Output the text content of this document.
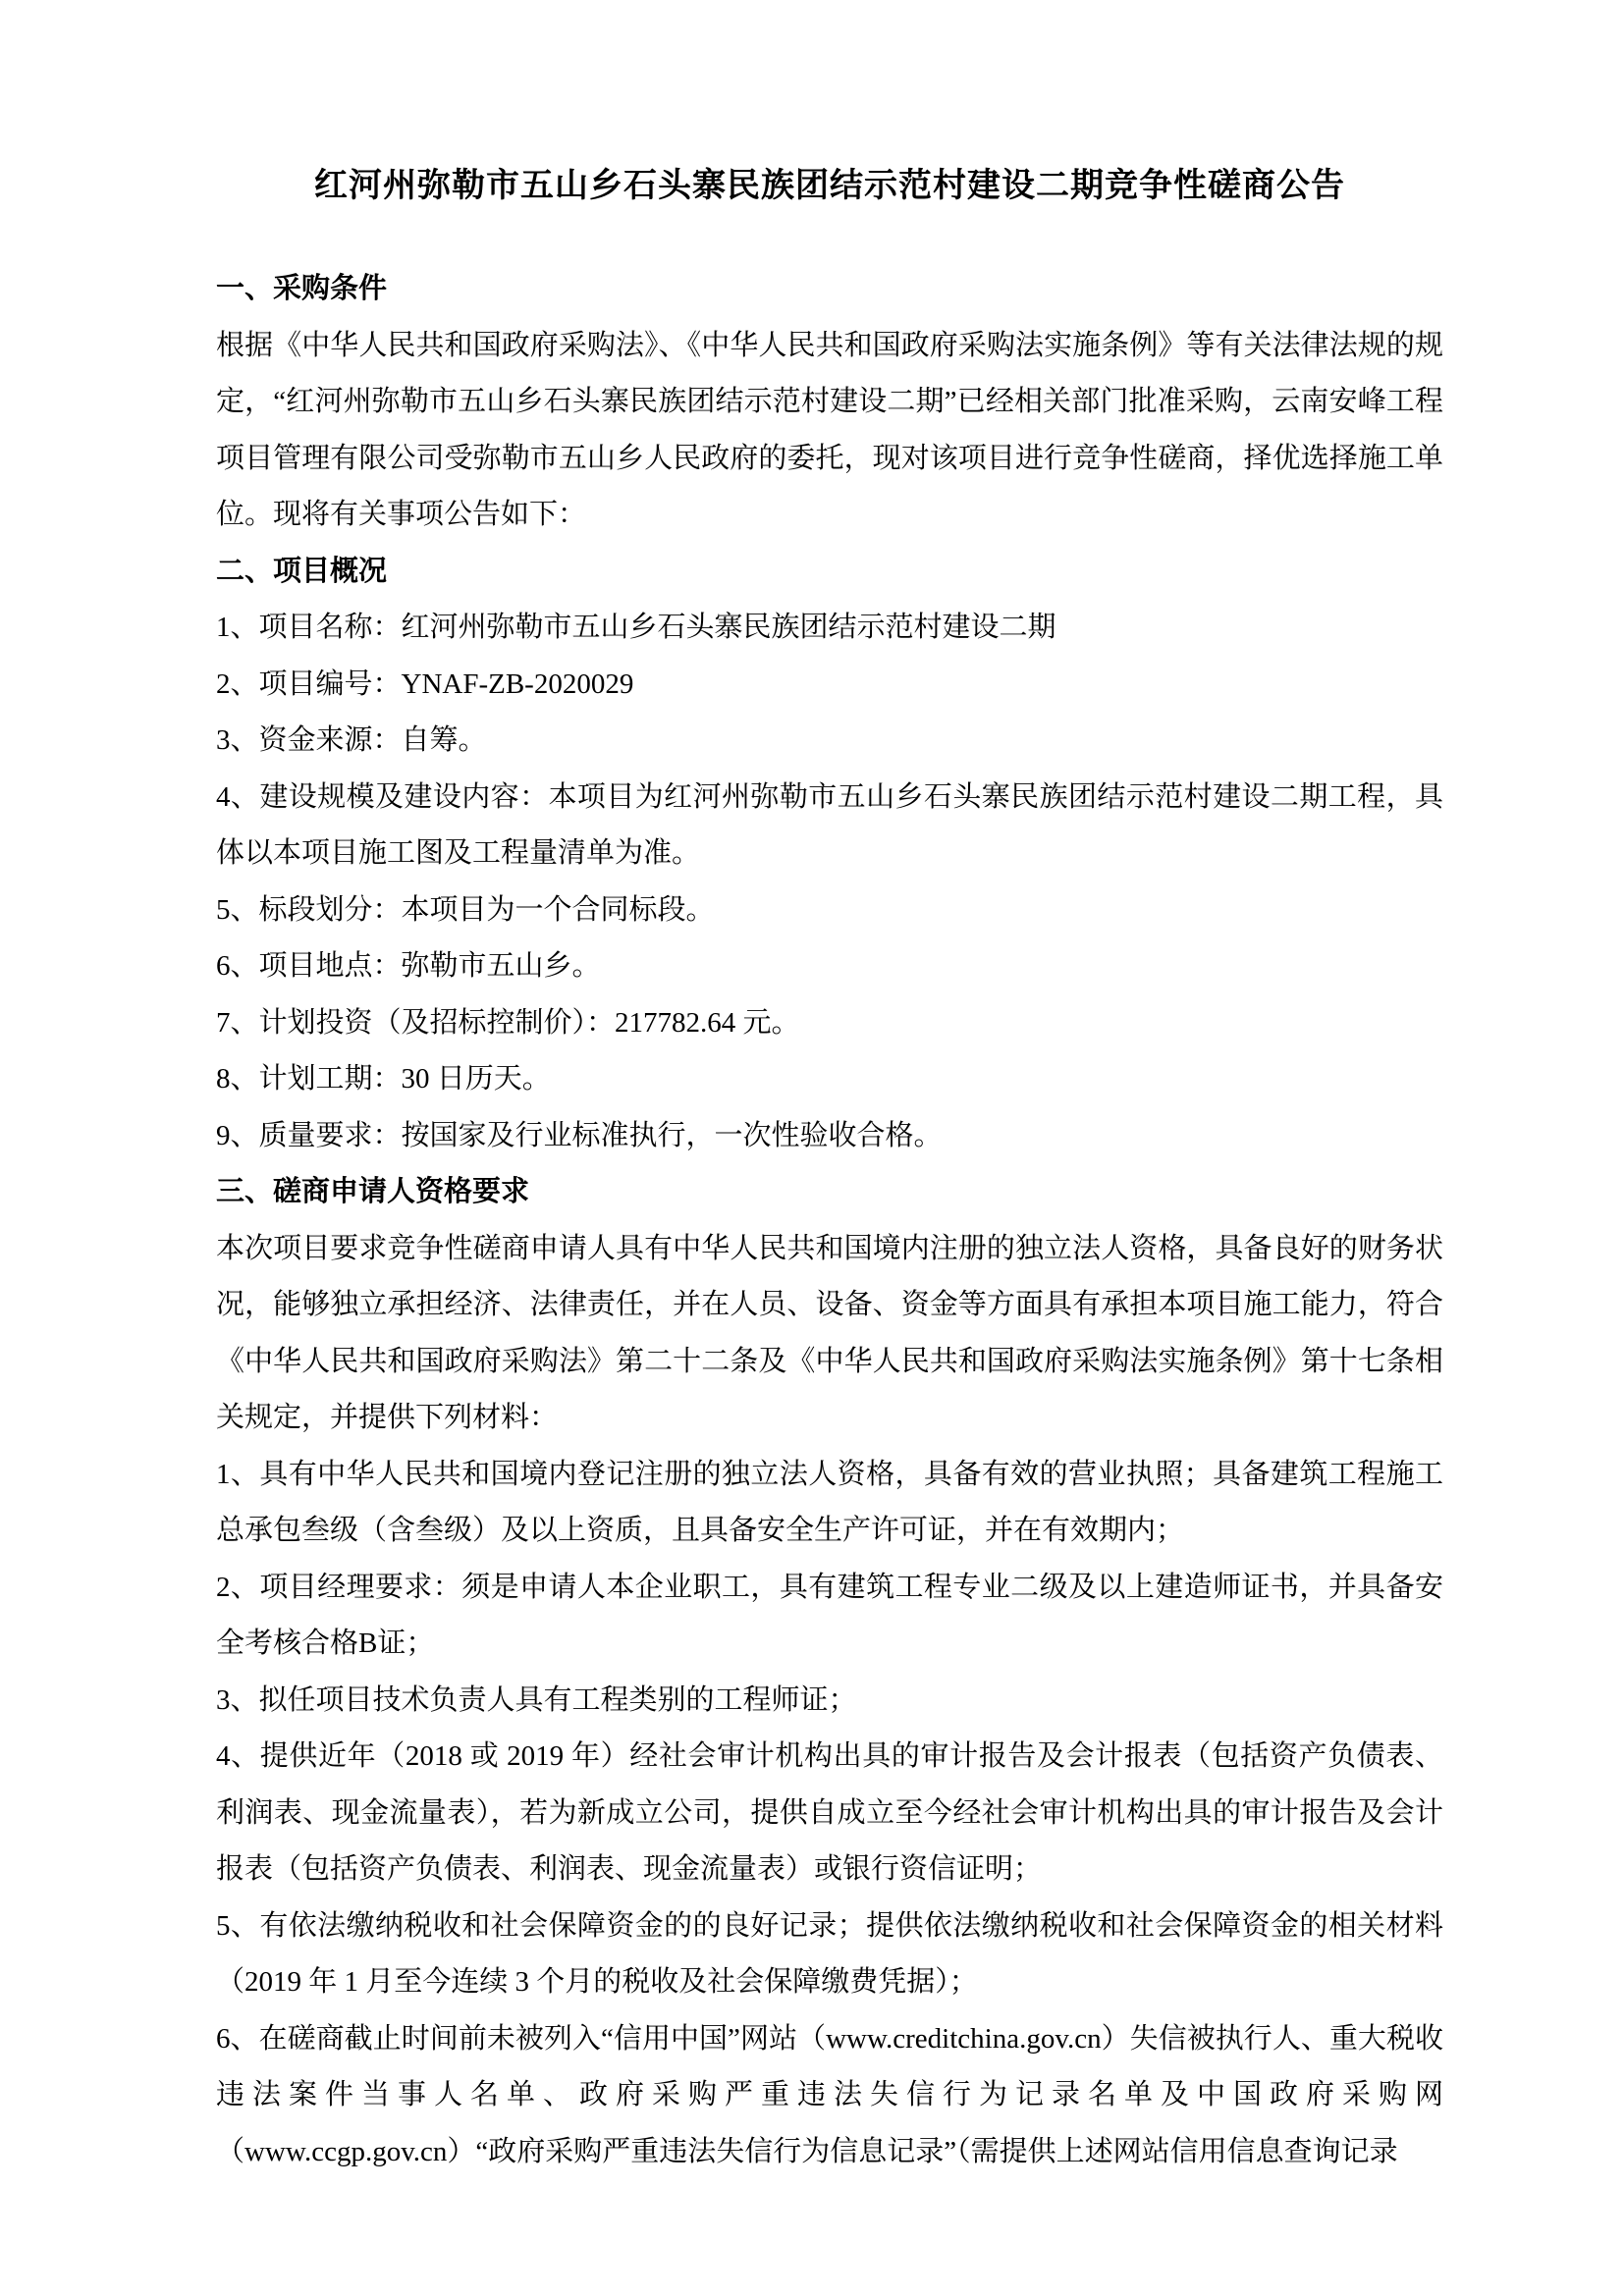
红河州弥勒市五山乡石头寨民族团结示范村建设二期竞争性磋商公告
一、采购条件
根据《中华人民共和国政府采购法》、《中华人民共和国政府采购法实施条例》等有关法律法规的规定，“红河州弥勒市五山乡石头寨民族团结示范村建设二期”已经相关部门批准采购，云南安峰工程项目管理有限公司受弥勒市五山乡人民政府的委托，现对该项目进行竞争性磋商，择优选择施工单位。现将有关事项公告如下：
二、项目概况
1、项目名称：红河州弥勒市五山乡石头寨民族团结示范村建设二期
2、项目编号：YNAF-ZB-2020029
3、资金来源：自筹。
4、建设规模及建设内容：本项目为红河州弥勒市五山乡石头寨民族团结示范村建设二期工程，具体以本项目施工图及工程量清单为准。
5、标段划分：本项目为一个合同标段。
6、项目地点：弥勒市五山乡。
7、计划投资（及招标控制价）：217782.64 元。
8、计划工期：30 日历天。
9、质量要求：按国家及行业标准执行，一次性验收合格。
三、磋商申请人资格要求
本次项目要求竞争性磋商申请人具有中华人民共和国境内注册的独立法人资格，具备良好的财务状况，能够独立承担经济、法律责任，并在人员、设备、资金等方面具有承担本项目施工能力，符合《中华人民共和国政府采购法》第二十二条及《中华人民共和国政府采购法实施条例》第十七条相关规定，并提供下列材料：
1、具有中华人民共和国境内登记注册的独立法人资格，具备有效的营业执照；具备建筑工程施工总承包叁级（含叁级）及以上资质，且具备安全生产许可证，并在有效期内；
2、项目经理要求：须是申请人本企业职工，具有建筑工程专业二级及以上建造师证书，并具备安全考核合格B证；
3、拟任项目技术负责人具有工程类别的工程师证；
4、提供近年（2018 或 2019 年）经社会审计机构出具的审计报告及会计报表（包括资产负债表、利润表、现金流量表），若为新成立公司，提供自成立至今经社会审计机构出具的审计报告及会计报表（包括资产负债表、利润表、现金流量表）或银行资信证明；
5、有依法缴纳税收和社会保障资金的的良好记录；提供依法缴纳税收和社会保障资金的相关材料（2019 年 1 月至今连续 3 个月的税收及社会保障缴费凭据）；
6、在磋商截止时间前未被列入“信用中国”网站（www.creditchina.gov.cn）失信被执行人、重大税收违法案件当事人名单、政府采购严重违法失信行为记录名单及中国政府采购网（www.ccgp.gov.cn）“政府采购严重违法失信行为信息记录”（需提供上述网站信用信息查询记录
